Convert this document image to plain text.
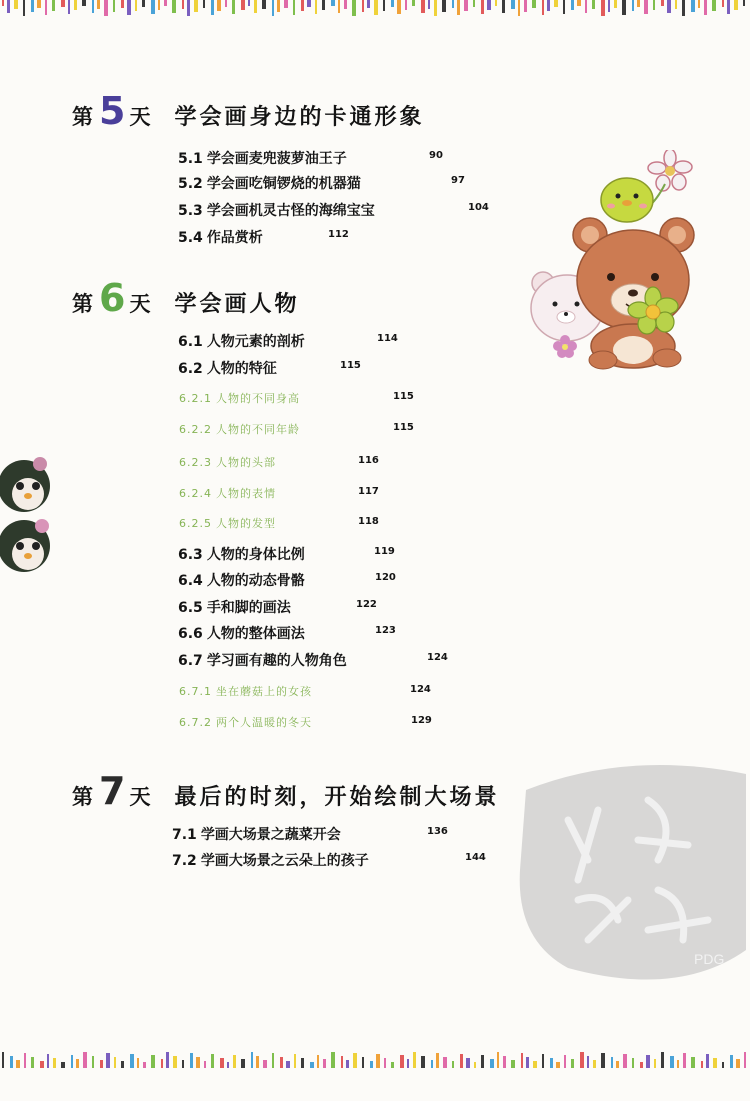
第 5 天 学会画身边的卡通形象
5.1 学会画麦兜菠萝油王子	90
5.2 学会画吃铜锣烧的机器猫	97
5.3 学会画机灵古怪的海绵宝宝	104
5.4 作品赏析	112
第 6 天 学会画人物
6.1 人物元素的剖析	114
6.2 人物的特征	115
6.2.1 人物的不同身高	115
6.2.2 人物的不同年龄	115
6.2.3 人物的头部	116
6.2.4 人物的表情	117
6.2.5 人物的发型	118
6.3 人物的身体比例	119
6.4 人物的动态骨骼	120
6.5 手和脚的画法	122
6.6 人物的整体画法	123
6.7 学习画有趣的人物角色	124
6.7.1 坐在蘑菇上的女孩	124
6.7.2 两个人温暖的冬天	129
第 7 天 最后的时刻，开始绘制大场景
7.1 学画大场景之蔬菜开会	136
7.2 学画大场景之云朵上的孩子	144
PDG
